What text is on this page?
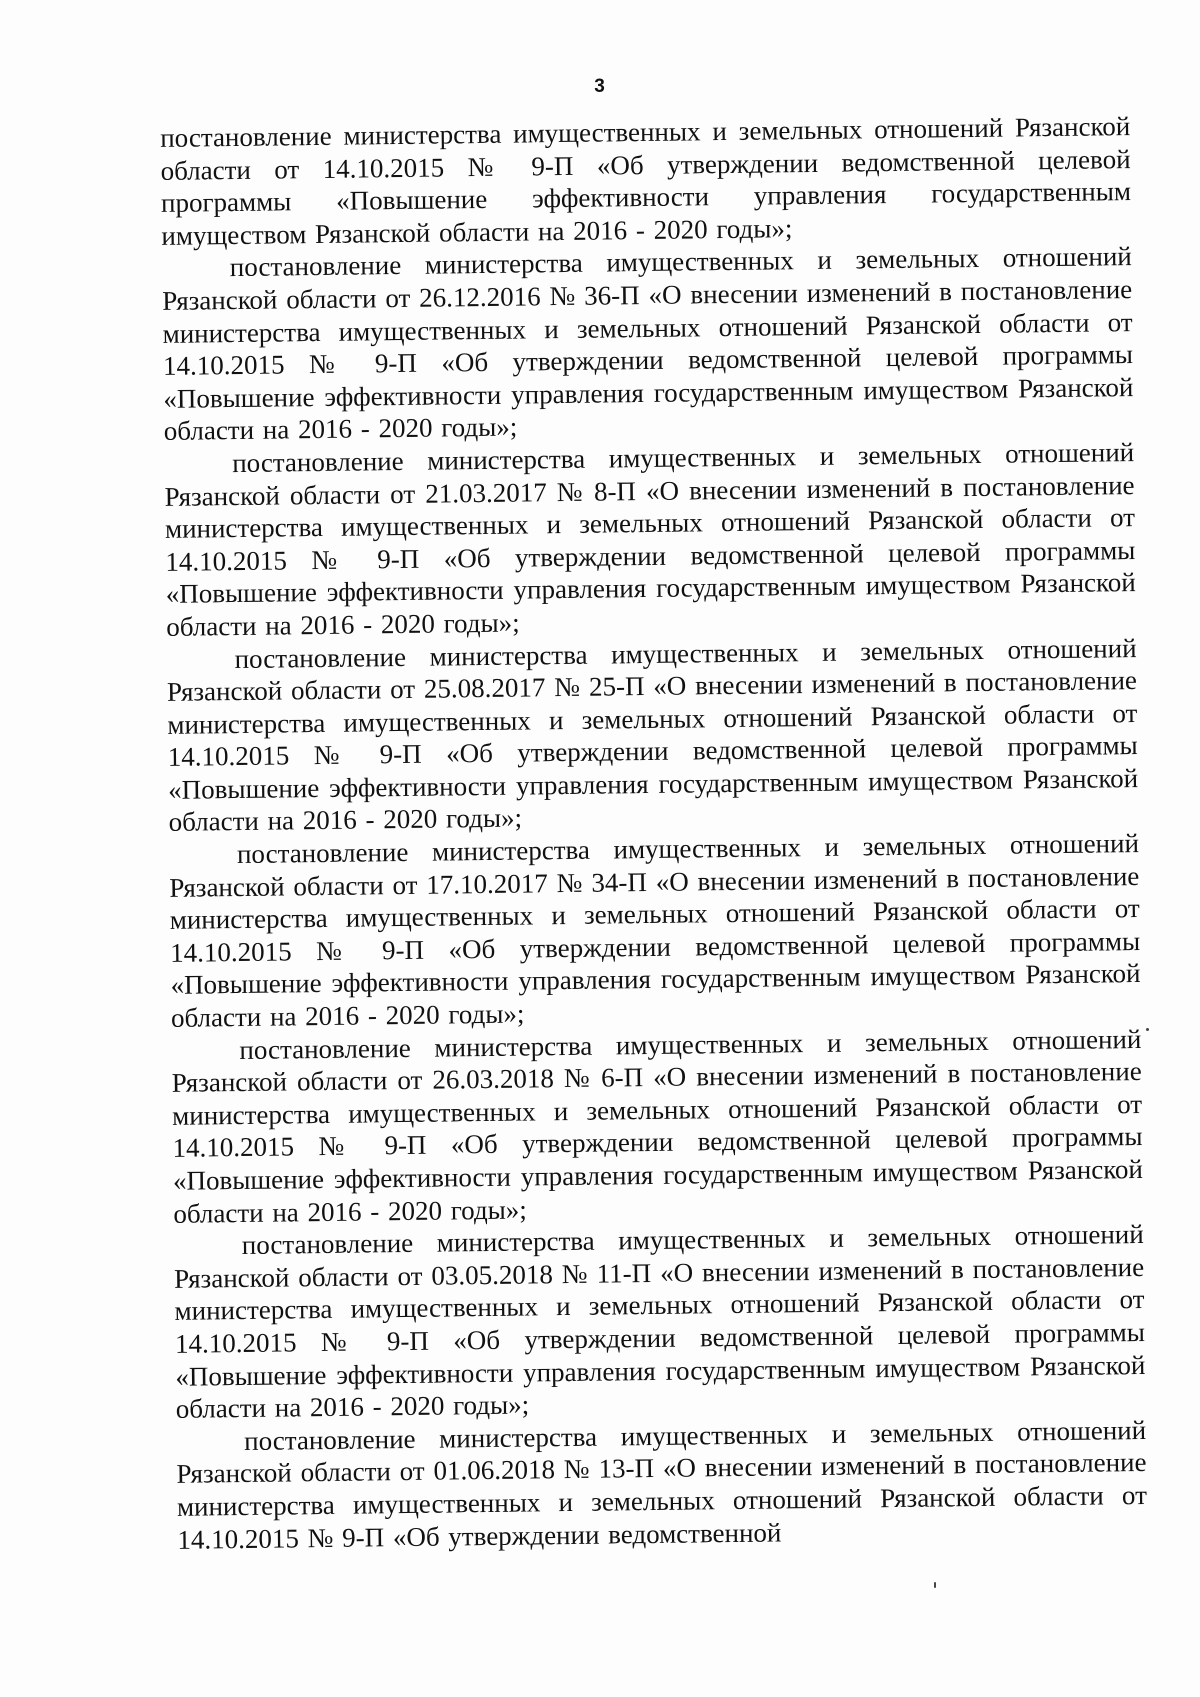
3

постановление министерства имущественных и земельных отношений Рязанской области от 14.10.2015 № 9-П «Об утверждении ведомственной целевой программы «Повышение эффективности управления государственным имуществом Рязанской области на 2016 - 2020 годы»;

постановление министерства имущественных и земельных отношений Рязанской области от 26.12.2016 № 36-П «О внесении изменений в постановление министерства имущественных и земельных отношений Рязанской области от 14.10.2015 № 9-П «Об утверждении ведомственной целевой программы «Повышение эффективности управления государственным имуществом Рязанской области на 2016 - 2020 годы»;

постановление министерства имущественных и земельных отношений Рязанской области от 21.03.2017 № 8-П «О внесении изменений в постановление министерства имущественных и земельных отношений Рязанской области от 14.10.2015 № 9-П «Об утверждении ведомственной целевой программы «Повышение эффективности управления государственным имуществом Рязанской области на 2016 - 2020 годы»;

постановление министерства имущественных и земельных отношений Рязанской области от 25.08.2017 № 25-П «О внесении изменений в постановление министерства имущественных и земельных отношений Рязанской области от 14.10.2015 № 9-П «Об утверждении ведомственной целевой программы «Повышение эффективности управления государственным имуществом Рязанской области на 2016 - 2020 годы»;

постановление министерства имущественных и земельных отношений Рязанской области от 17.10.2017 № 34-П «О внесении изменений в постановление министерства имущественных и земельных отношений Рязанской области от 14.10.2015 № 9-П «Об утверждении ведомственной целевой программы «Повышение эффективности управления государственным имуществом Рязанской области на 2016 - 2020 годы»;

постановление министерства имущественных и земельных отношений Рязанской области от 26.03.2018 № 6-П «О внесении изменений в постановление министерства имущественных и земельных отношений Рязанской области от 14.10.2015 № 9-П «Об утверждении ведомственной целевой программы «Повышение эффективности управления государственным имуществом Рязанской области на 2016 - 2020 годы»;

постановление министерства имущественных и земельных отношений Рязанской области от 03.05.2018 № 11-П «О внесении изменений в постановление министерства имущественных и земельных отношений Рязанской области от 14.10.2015 № 9-П «Об утверждении ведомственной целевой программы «Повышение эффективности управления государственным имуществом Рязанской области на 2016 - 2020 годы»;

постановление министерства имущественных и земельных отношений Рязанской области от 01.06.2018 № 13-П «О внесении изменений в постановление министерства имущественных и земельных отношений Рязанской области от 14.10.2015 № 9-П «Об утверждении ведомственной
